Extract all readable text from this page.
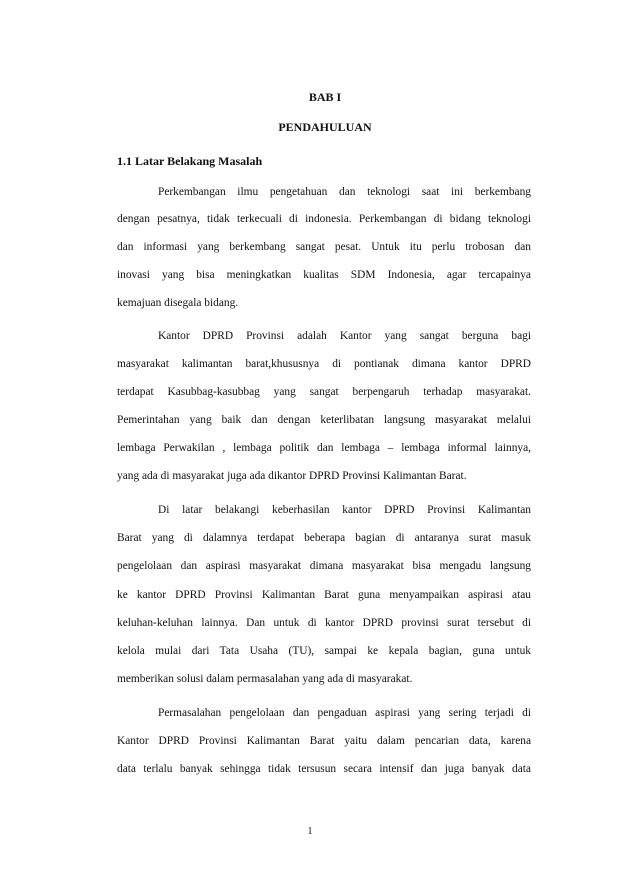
BAB I
PENDAHULUAN
1.1 Latar Belakang Masalah
Perkembangan ilmu pengetahuan dan teknologi saat ini berkembang
dengan pesatnya, tidak terkecuali di indonesia. Perkembangan di bidang teknologi
dan informasi yang berkembang sangat pesat. Untuk itu perlu trobosan dan
inovasi yang bisa meningkatkan kualitas SDM Indonesia, agar tercapainya
kemajuan disegala bidang.
Kantor DPRD Provinsi adalah Kantor yang sangat berguna bagi
masyarakat kalimantan barat,khususnya di pontianak dimana kantor DPRD
terdapat Kasubbag-kasubbag yang sangat berpengaruh terhadap masyarakat.
Pemerintahan yang baik dan dengan keterlibatan langsung masyarakat melalui
lembaga Perwakilan , lembaga politik dan lembaga – lembaga informal lainnya,
yang ada di masyarakat juga ada dikantor DPRD Provinsi Kalimantan Barat.
Di latar belakangi keberhasilan kantor DPRD Provinsi Kalimantan
Barat yang di dalamnya terdapat beberapa bagian di antaranya surat masuk
pengelolaan dan aspirasi masyarakat dimana masyarakat bisa mengadu langsung
ke kantor DPRD Provinsi Kalimantan Barat guna menyampaikan aspirasi atau
keluhan-keluhan lainnya. Dan untuk di kantor DPRD provinsi surat tersebut di
kelola mulai dari Tata Usaha (TU), sampai ke kepala bagian, guna untuk
memberikan solusi dalam permasalahan yang ada di masyarakat.
Permasalahan pengelolaan dan pengaduan aspirasi yang sering terjadi di
Kantor DPRD Provinsi Kalimantan Barat yaitu dalam pencarian data, karena
data terlalu banyak sehingga tidak tersusun secara intensif dan juga banyak data
1
